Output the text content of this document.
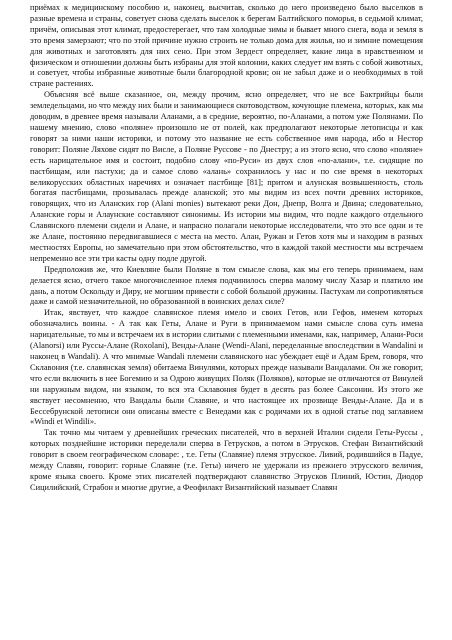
приёмах к медицинскому пособию и, наконец, высчитав, сколько до него произведено было выселков в разные времена и страны, советует снова сделать выселок к берегам Балтийского поморья, в седьмой климат, причём, описывая этот климат, предостерегает, что там холодные зимы и бывает много снега, вода и земля в это время замерзают; что по этой причине нужно строить не только дома для жилья, но и зимние помещения для животных и заготовлять для них сено. При этом Зердест определяет, какие лица в нравственном и физическом и отношении должны быть избраны для этой колонии, каких следует им взять с собой животных, и советует, чтобы избранные животные были благородной крови; он не забыл даже и о необходимых в той стране растениях.

Объясняя всё выше сказанное, он, между прочим, ясно определяет, что не все Бактрийцы были земледельцами, но что между них были и занимающиеся скотоводством, кочующие племена, которых, как мы доводим, в древнее время называли Аланами, а в средние, вероятно, по-Аланами, а потом уже Полянами. По нашему мнению, слово «поляне» произошло не от полей, как предполагают некоторые летописцы и как говорят за ними наши историки, и потому это название не есть собственное имя народа, ибо и Нестор говорит: Поляне Ляхове сидят по Висле, а Поляне Руссове - по Днестру; а из этого ясно, что слово «поляне» есть нарицательное имя и состоит, подобно слову «по-Руси» из двух слов «по-алани», т.е. сидящие по пастбищам, или пастухи; да и самое слово «алань» сохранилось у нас и по сие время в некоторых великорусских областных наречиях и означает пастбище [81]; притом и алунская возвышенность, столь богатая пастбищами, прозывалась прежде аланской; это мы видим из всех почти древних историков, говорящих, что из Аланских гор (Alani monies) вытекают реки Дон, Днепр, Волга и Двина; следовательно, Аланские горы и Алаунские составляют синонимы. Из истории мы видим, что подле каждого отдельного Славянского племени сидели и Алане, и напрасно полагали некоторые исследователи, что это все одни и те же Алане, постоянно передвигавшиеся с места на место. Алан, Ружан и Гетов хотя мы и находим в разных местностях Европы, но замечательно при этом обстоятельство, что в каждой такой местности мы встречаем непременно все эти три касты одну подле другой.

Предположив же, что Киевляне были Поляне в том смысле слова, как мы его теперь принимаем, нам делается ясно, отчего такое многочисленное племя подчинилось сперва малому числу Хазар и платило им дань, а потом Оскольду и Диру, не могшим привести с собой большой дружины. Пастухам ли сопротивляться даже и самой незначительной, но образованной в воинских делах силе?

Итак, явствует, что каждое славянское племя имело и своих Гетов, или Гефов, именем которых обозначались воины. - А так как Геты, Алане и Руги в принимаемом нами смысле слова суть имена нарицательные, то мы и встречаем их в истории слитыми с племенными именами, как, например, Алани-Роси (Alanorsi) или Руссы-Алане (Roxolani), Венды-Алане (Wendi-Alani, переделанные впоследствии в Wandalini и наконец в Wandali). А что мнимые Wandali племени славянского нас убеждает ещё и Адам Брем, говоря, что Склавония (т.е. славянская земля) обитаема Винулями, которых прежде называли Вандалами. Он же говорит, что если включить в нее Богемию и за Одрою живущих Поляк (Поляков), которые не отличаются от Винулей ни наружным видом, ни языком, то вся эта Склавония будет в десять раз более Саксонии. Из этого же явствует несомненно, что Вандалы были Славяне, и что настоящее их прозвище Венды-Алане. Да и в Бессебрунской летописи они описаны вместе с Венедами как с родичами их в одной статье под заглавием «Windi et Windili».

Так точно мы читаем у древнейших греческих писателей, что в верхней Италии сидели Геты-Руссы , которых позднейшие историки переделали сперва в Гетрусков, а потом в Этрусков. Стефан Византийский говорит в своем географическом словаре: , т.е. Геты (Славяне) племя этрусское. Ливий, родившийся в Падуе, между Славян, говорит: горные Славяне (т.е. Геты) ничего не удержали из прежнего этрусского величия, кроме языка своего. Кроме этих писателей подтверждают славянство Этрусков Плиний, Юстин, Диодор Сицилийский, Страбон и многие другие, а Феофилакт Византийский называет Славян
